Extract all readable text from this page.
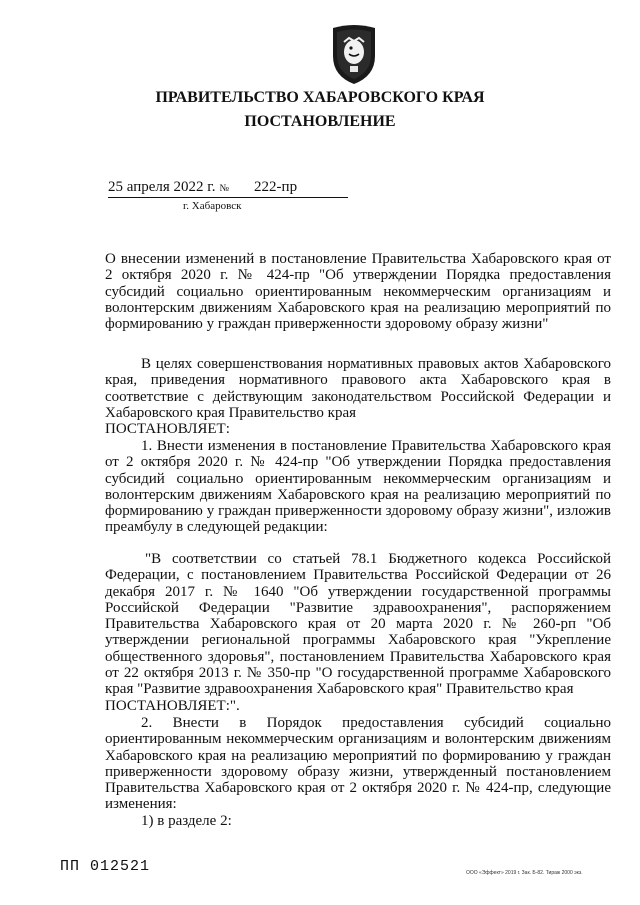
ПРАВИТЕЛЬСТВО ХАБАРОВСКОГО КРАЯ
ПОСТАНОВЛЕНИЕ
25 апреля 2022 г. № 222-пр
г. Хабаровск

О внесении изменений в постановление Правительства Хабаровского края от 2 октября 2020 г. № 424-пр "Об утверждении Порядка предоставления субсидий социально ориентированным некоммерческим организациям и волонтерским движениям Хабаровского края на реализацию мероприятий по формированию у граждан приверженности здоровому образу жизни"

В целях совершенствования нормативных правовых актов Хабаровского края, приведения нормативного правового акта Хабаровского края в соответствие с действующим законодательством Российской Федерации и Хабаровского края Правительство края

ПОСТАНОВЛЯЕТ:

1. Внести изменения в постановление Правительства Хабаровского края от 2 октября 2020 г. № 424-пр "Об утверждении Порядка предоставления субсидий социально ориентированным некоммерческим организациям и волонтерским движениям Хабаровского края на реализацию мероприятий по формированию у граждан приверженности здоровому образу жизни", изложив преамбулу в следующей редакции:

"В соответствии со статьей 78.1 Бюджетного кодекса Российской Федерации, с постановлением Правительства Российской Федерации от 26 декабря 2017 г. № 1640 "Об утверждении государственной программы Российской Федерации "Развитие здравоохранения", распоряжением Правительства Хабаровского края от 20 марта 2020 г. № 260-рп "Об утверждении региональной программы Хабаровского края "Укрепление общественного здоровья", постановлением Правительства Хабаровского края от 22 октября 2013 г. № 350-пр "О государственной программе Хабаровского края "Развитие здравоохранения Хабаровского края" Правительство края

ПОСТАНОВЛЯЕТ:".

2. Внести в Порядок предоставления субсидий социально ориентированным некоммерческим организациям и волонтерским движениям Хабаровского края на реализацию мероприятий по формированию у граждан приверженности здоровому образу жизни, утвержденный постановлением Правительства Хабаровского края от 2 октября 2020 г. № 424-пр, следующие изменения:

1) в разделе 2:

ПП 012521	ООО «Эффект» 2019 г. Зак. Б-82. Тираж 2000 экз.
